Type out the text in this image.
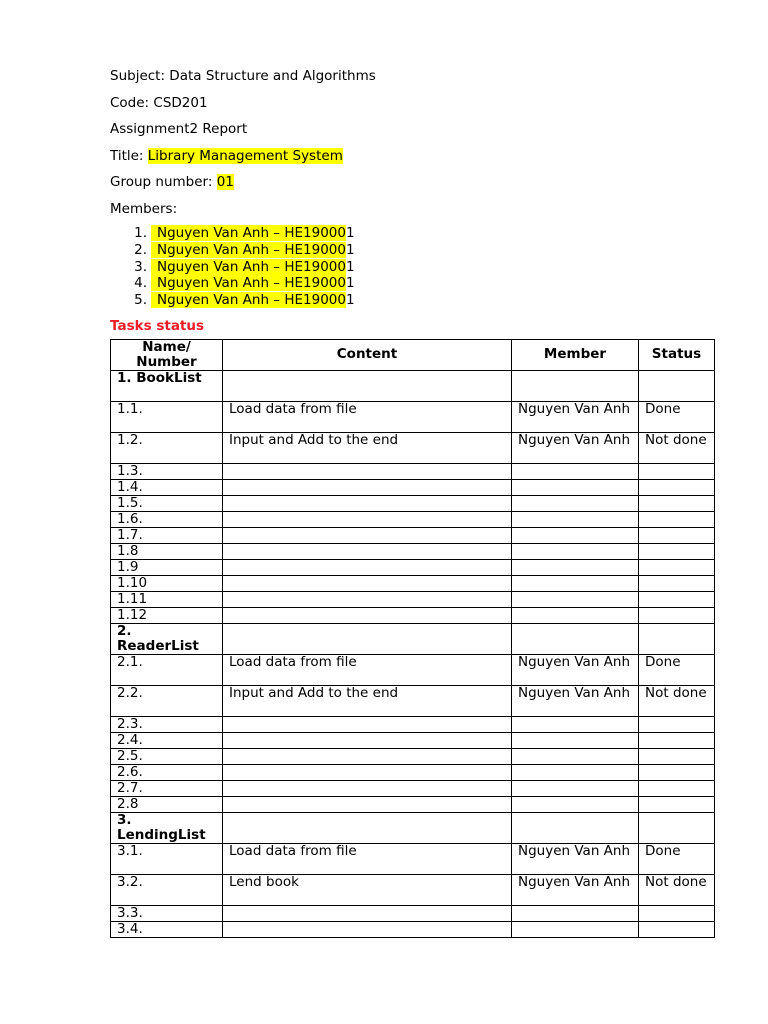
Subject: Data Structure and Algorithms
Code: CSD201
Assignment2 Report
Title: Library Management System
Group number: 01
Members:
1. Nguyen Van Anh – HE190001
2. Nguyen Van Anh – HE190001
3. Nguyen Van Anh – HE190001
4. Nguyen Van Anh – HE190001
5. Nguyen Van Anh – HE190001
Tasks status
Name/
Number	Content	Member	Status
1. BookList			
1.1.	Load data from file	Nguyen Van Anh	Done
1.2.	Input and Add to the end	Nguyen Van Anh	Not done
1.3.			
1.4.			
1.5.			
1.6.			
1.7.			
1.8			
1.9			
1.10			
1.11			
1.12			
2. ReaderList			
2.1.	Load data from file	Nguyen Van Anh	Done
2.2.	Input and Add to the end	Nguyen Van Anh	Not done
2.3.			
2.4.			
2.5.			
2.6.			
2.7.			
2.8			
3. LendingList			
3.1.	Load data from file	Nguyen Van Anh	Done
3.2.	Lend book	Nguyen Van Anh	Not done
3.3.			
3.4.			
